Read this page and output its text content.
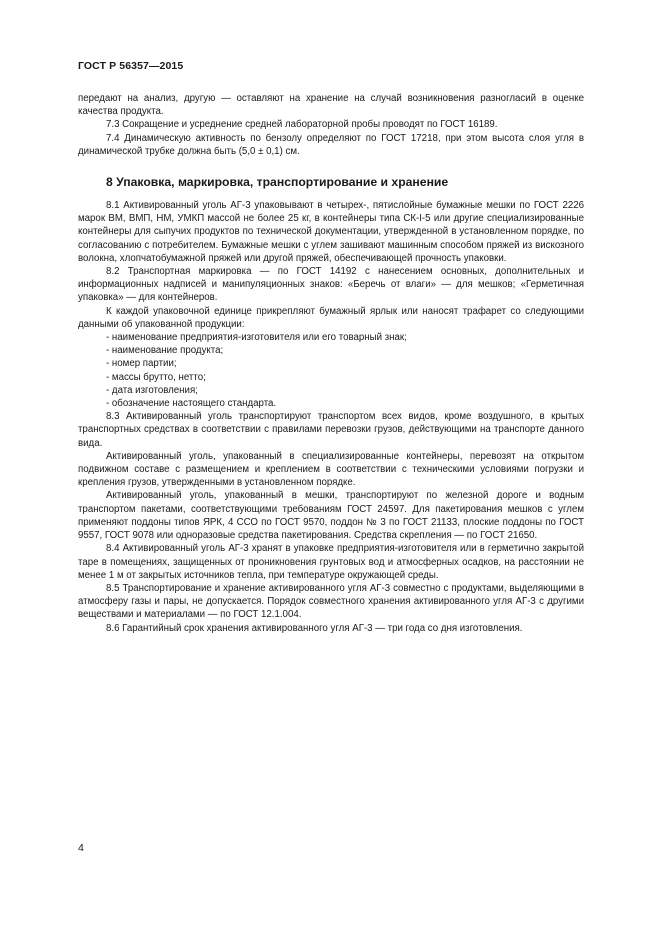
ГОСТ Р 56357—2015

передают на анализ, другую — оставляют на хранение на случай возникновения разногласий в оценке качества продукта.

7.3 Сокращение и усреднение средней лабораторной пробы проводят по ГОСТ 16189.

7.4 Динамическую активность по бензолу определяют по ГОСТ 17218, при этом высота слоя угля в динамической трубке должна быть (5,0 ± 0,1) см.

8 Упаковка, маркировка, транспортирование и хранение

8.1 Активированный уголь АГ-3 упаковывают в четырех-, пятислойные бумажные мешки по ГОСТ 2226 марок ВМ, ВМП, НМ, УМКП массой не более 25 кг, в контейнеры типа СК-I-5 или другие специализированные контейнеры для сыпучих продуктов по технической документации, утвержденной в установленном порядке, по согласованию с потребителем. Бумажные мешки с углем зашивают машинным способом пряжей из вискозного волокна, хлопчатобумажной пряжей или другой пряжей, обеспечивающей прочность упаковки.

8.2 Транспортная маркировка — по ГОСТ 14192 с нанесением основных, дополнительных и информационных надписей и манипуляционных знаков: «Беречь от влаги» — для мешков; «Герметичная упаковка» — для контейнеров.

К каждой упаковочной единице прикрепляют бумажный ярлык или наносят трафарет со следующими данными об упакованной продукции:

- наименование предприятия-изготовителя или его товарный знак;
- наименование продукта;
- номер партии;
- массы брутто, нетто;
- дата изготовления;
- обозначение настоящего стандарта.

8.3 Активированный уголь транспортируют транспортом всех видов, кроме воздушного, в крытых транспортных средствах в соответствии с правилами перевозки грузов, действующими на транспорте данного вида.

Активированный уголь, упакованный в специализированные контейнеры, перевозят на открытом подвижном составе с размещением и креплением в соответствии с техническими условиями погрузки и крепления грузов, утвержденными в установленном порядке.

Активированный уголь, упакованный в мешки, транспортируют по железной дороге и водным транспортом пакетами, соответствующими требованиям ГОСТ 24597. Для пакетирования мешков с углем применяют поддоны типов ЯРК, 4 ССО по ГОСТ 9570, поддон № 3 по ГОСТ 21133, плоские поддоны по ГОСТ 9557, ГОСТ 9078 или одноразовые средства пакетирования. Средства скрепления — по ГОСТ 21650.

8.4 Активированный уголь АГ-3 хранят в упаковке предприятия-изготовителя или в герметично закрытой таре в помещениях, защищенных от проникновения грунтовых вод и атмосферных осадков, на расстоянии не менее 1 м от закрытых источников тепла, при температуре окружающей среды.

8.5 Транспортирование и хранение активированного угля АГ-3 совместно с продуктами, выделяющими в атмосферу газы и пары, не допускается. Порядок совместного хранения активированного угля АГ-3 с другими веществами и материалами — по ГОСТ 12.1.004.

8.6 Гарантийный срок хранения активированного угля АГ-3 — три года со дня изготовления.

4
